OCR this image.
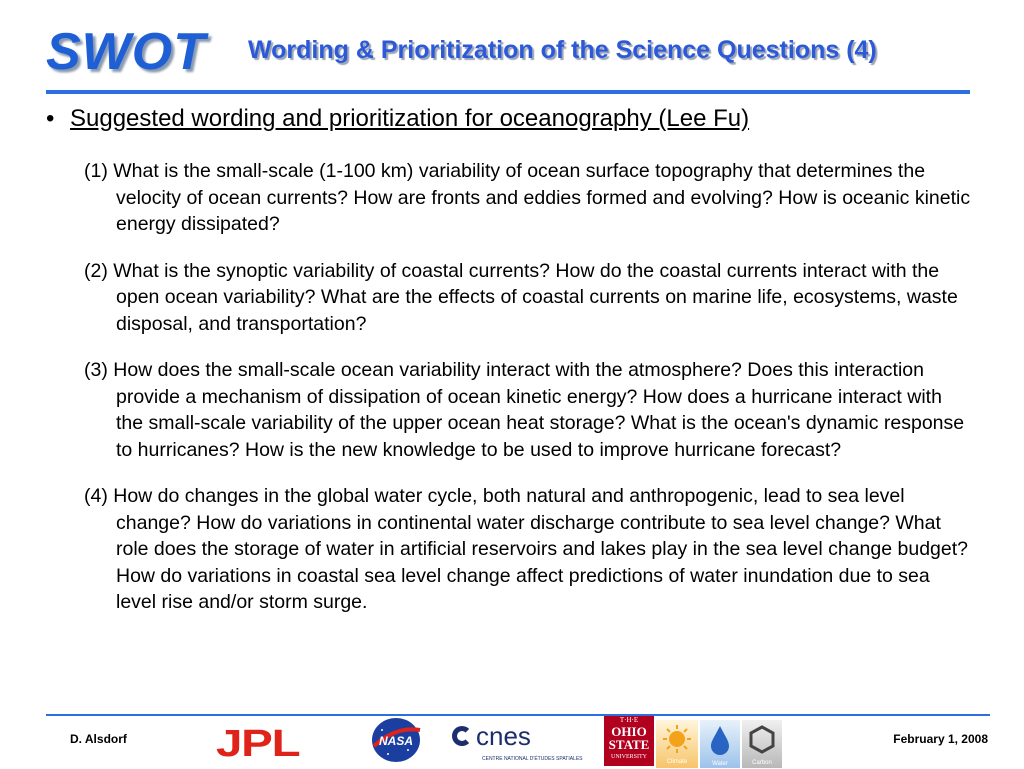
SWOT Wording & Prioritization of the Science Questions (4)
• Suggested wording and prioritization for oceanography (Lee Fu)
(1) What is the small-scale (1-100 km) variability of ocean surface topography that determines the velocity of ocean currents? How are fronts and eddies formed and evolving? How is oceanic kinetic energy dissipated?
(2) What is the synoptic variability of coastal currents? How do the coastal currents interact with the open ocean variability? What are the effects of coastal currents on marine life, ecosystems, waste disposal, and transportation?
(3) How does the small-scale ocean variability interact with the atmosphere? Does this interaction provide a mechanism of dissipation of ocean kinetic energy? How does a hurricane interact with the small-scale variability of the upper ocean heat storage? What is the ocean's dynamic response to hurricanes? How is the new knowledge to be used to improve hurricane forecast?
(4) How do changes in the global water cycle, both natural and anthropogenic, lead to sea level change? How do variations in continental water discharge contribute to sea level change? What role does the storage of water in artificial reservoirs and lakes play in the sea level change budget? How do variations in coastal sea level change affect predictions of water inundation due to sea level rise and/or storm surge.
D. Alsdorf	February 1, 2008
JPL	NASA cnes
CENTRE NATIONAL D'ÉTUDES SPATIALES
T·H·E
OHIO STATE
UNIVERSITY
Climate	Water	Carbon
